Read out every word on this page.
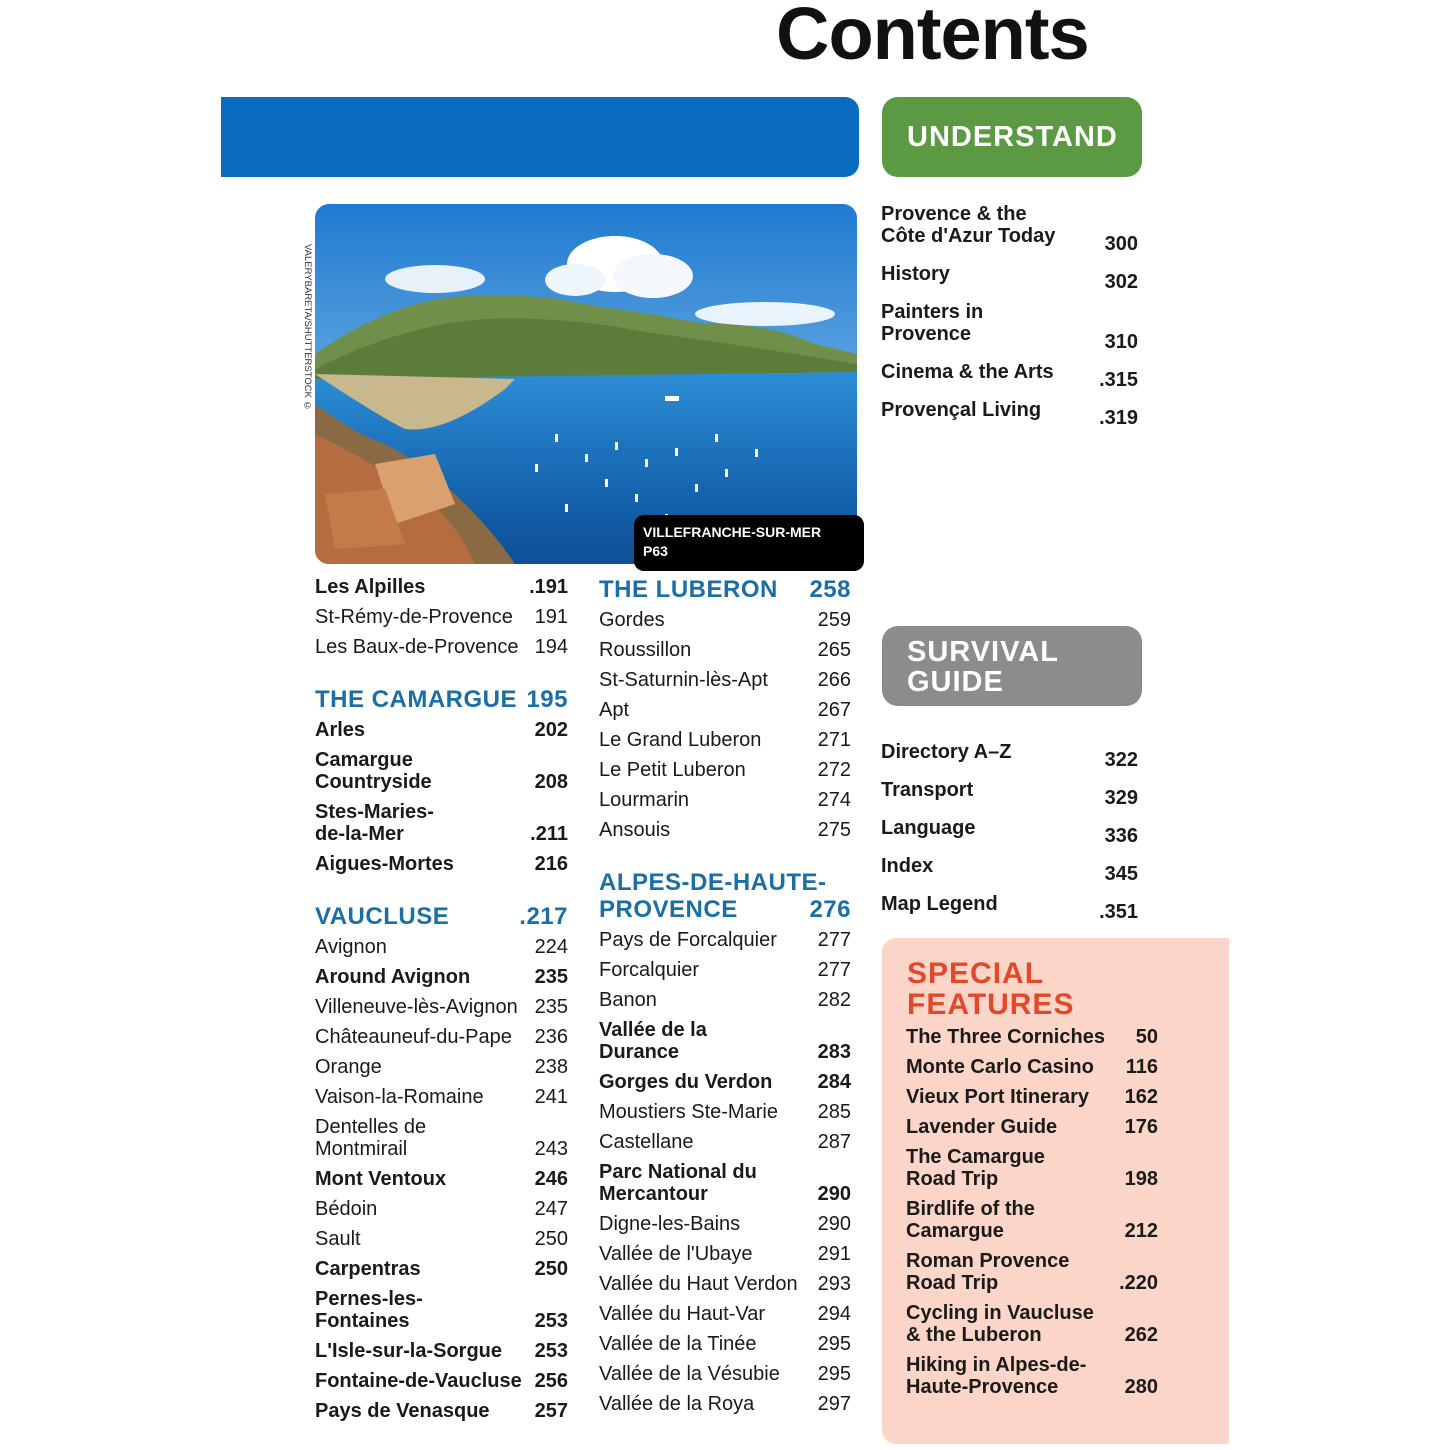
Contents
UNDERSTAND
SURVIVAL
GUIDE
VALERYBARETA/SHUTTERSTOCK ©
VILLEFRANCHE-SUR-MER
P63
SPECIAL
FEATURES
Les Alpilles	.191
St-Rémy-de-Provence	191
Les Baux-de-Provence 194
THE CAMARGUE 195
Arles	202
Camargue
Countryside	208
Stes-Maries-
de-la-Mer	.211
Aigues-Mortes	216
VAUCLUSE	.217
Avignon	224
Around Avignon	235
Villeneuve-lès-Avignon 235
Châteauneuf-du-Pape	236
Orange	238
Vaison-la-Romaine	241
Dentelles de
Montmirail	243
Mont Ventoux	246
Bédoin	247
Sault	250
Carpentras	250
Pernes-les-
Fontaines	253
L'Isle-sur-la-Sorgue	253
Fontaine-de-Vaucluse 256
Pays de Venasque	257
THE LUBERON	258
Gordes	259
Roussillon	265
St-Saturnin-lès-Apt	266
Apt	267
Le Grand Luberon	271
Le Petit Luberon	272
Lourmarin	274
Ansouis	275
ALPES-DE-HAUTE-
PROVENCE	276
Pays de Forcalquier	277
Forcalquier	277
Banon	282
Vallée de la
Durance	283
Gorges du Verdon	284
Moustiers Ste-Marie	285
Castellane	287
Parc National du
Mercantour	290
Digne-les-Bains	290
Vallée de l'Ubaye	291
Vallée du Haut Verdon 293
Vallée du Haut-Var	294
Vallée de la Tinée	295
Vallée de la Vésubie	295
Vallée de la Roya	297
Provence & the
Côte d'Azur Today	300
History	302
Painters in
Provence	310
Cinema & the Arts	.315
Provençal Living	.319
Directory A–Z	322
Transport	329
Language	336
Index	345
Map Legend	.351
The Three Corniches	50
Monte Carlo Casino	116
Vieux Port Itinerary	162
Lavender Guide	176
The Camargue
Road Trip	198
Birdlife of the
Camargue	212
Roman Provence
Road Trip	.220
Cycling in Vaucluse
& the Luberon	262
Hiking in Alpes-de-
Haute-Provence	280
